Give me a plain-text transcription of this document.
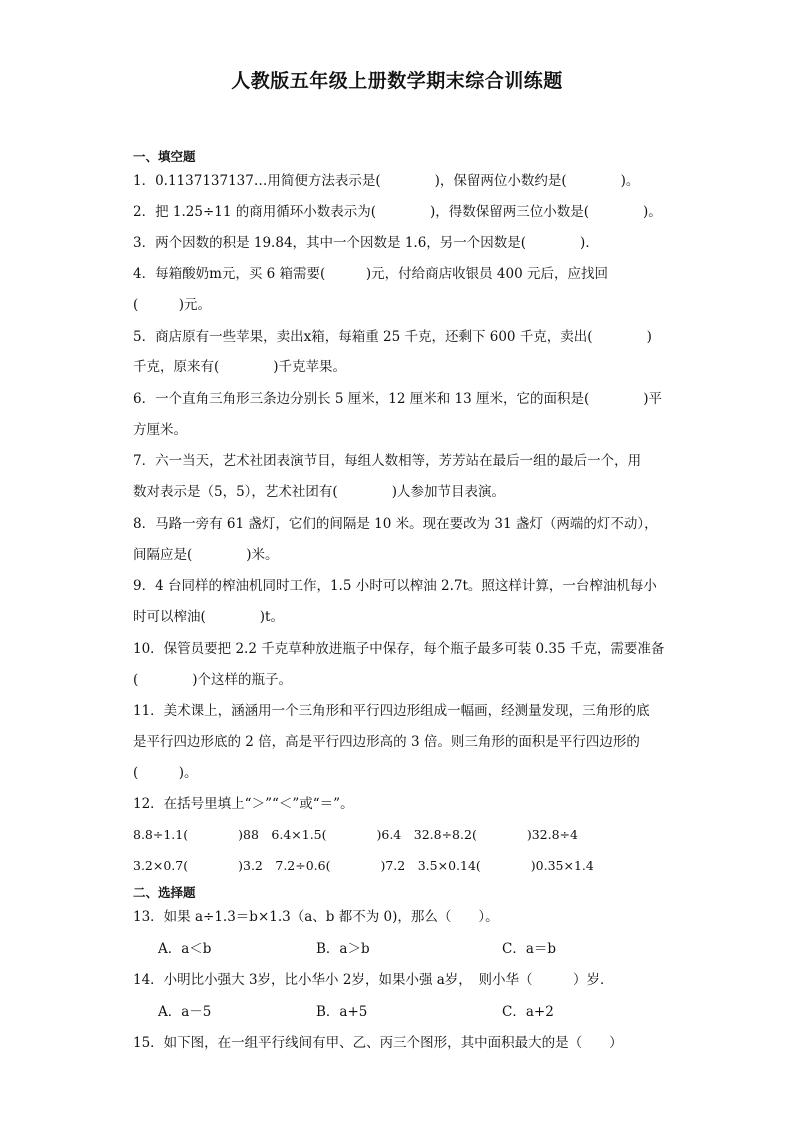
人教版五年级上册数学期末综合训练题
一、填空题
1．0.1137137137…用简便方法表示是(　　　　)，保留两位小数约是(　　　　)。
2．把 1.25÷11 的商用循环小数表示为(　　　　)，得数保留两三位小数是(　　　　)。
3．两个因数的积是 19.84，其中一个因数是 1.6，另一个因数是(　　　　)．
4．每箱酸奶m元，买 6 箱需要(　　　)元，付给商店收银员 400 元后，应找回
(　　　)元。
5．商店原有一些苹果，卖出x箱，每箱重 25 千克，还剩下 600 千克，卖出(　　　　)
千克，原来有(　　　　)千克苹果。
6．一个直角三角形三条边分别长 5 厘米，12 厘米和 13 厘米，它的面积是(　　　　)平
方厘米。
7．六一当天，艺术社团表演节目，每组人数相等，芳芳站在最后一组的最后一个，用
数对表示是（5，5），艺术社团有(　　　　)人参加节目表演。
8．马路一旁有 61 盏灯，它们的间隔是 10 米。现在要改为 31 盏灯（两端的灯不动），
间隔应是(　　　　)米。
9．4 台同样的榨油机同时工作，1.5 小时可以榨油 2.7t。照这样计算，一台榨油机每小
时可以榨油(　　　　)t。
10．保管员要把 2.2 千克草种放进瓶子中保存，每个瓶子最多可装 0.35 千克，需要准备
(　　　　)个这样的瓶子。
11．美术课上，涵涵用一个三角形和平行四边形组成一幅画，经测量发现，三角形的底
是平行四边形底的 2 倍，高是平行四边形高的 3 倍。则三角形的面积是平行四边形的
(　　　)。
12．在括号里填上“＞”“＜”或“＝”。
8.8÷1.1(　　　　)88　6.4×1.5(　　　　)6.4　32.8÷8.2(　　　　)32.8÷4
3.2×0.7(　　　　)3.2　7.2÷0.6(　　　　)7.2　3.5×0.14(　　　　)0.35×1.4
二、选择题
13．如果 a÷1.3＝b×1.3（a、b 都不为 0)，那么（　　）。
A．a＜b	B．a＞b	C．a＝b
14．小明比小强大 3岁，比小华小 2岁，如果小强 a岁，　则小华（　　　）岁．
A．a－5	B．a+5	C．a+2
15．如下图，在一组平行线间有甲、乙、丙三个图形，其中面积最大的是（　　）
